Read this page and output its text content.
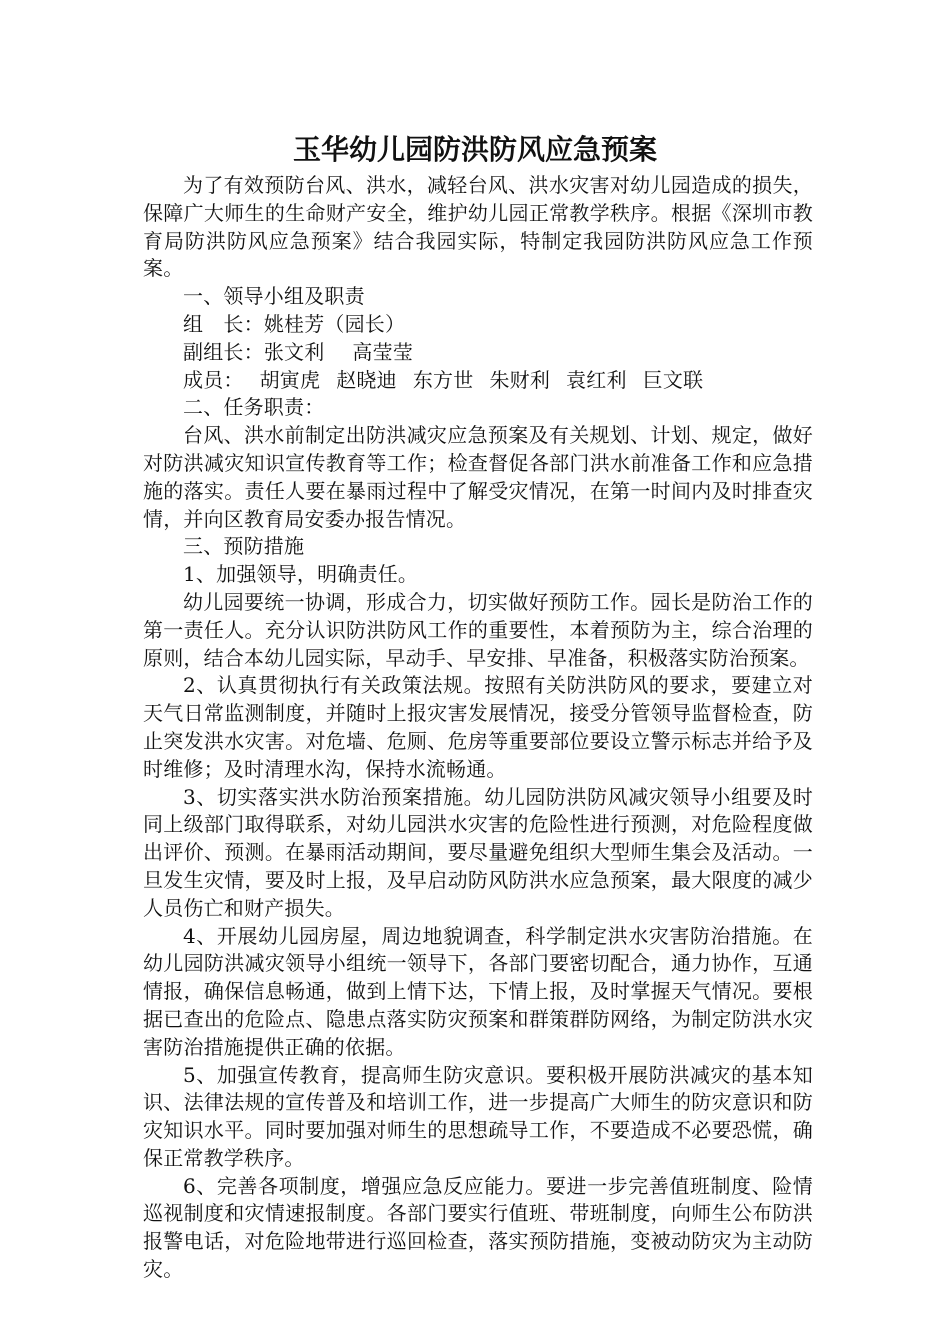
玉华幼儿园防洪防风应急预案

为了有效预防台风、洪水，减轻台风、洪水灾害对幼儿园造成的损失，保障广大师生的生命财产安全，维护幼儿园正常教学秩序。根据《深圳市教育局防洪防风应急预案》结合我园实际，特制定我园防洪防风应急工作预案。

一、领导小组及职责

组　长：姚桂芳（园长）

副组长：张文利 高莹莹

成员： 胡寅虎 赵晓迪 东方世 朱财利 袁红利 巨文联

二、任务职责：

台风、洪水前制定出防洪减灾应急预案及有关规划、计划、规定，做好对防洪减灾知识宣传教育等工作；检查督促各部门洪水前准备工作和应急措施的落实。责任人要在暴雨过程中了解受灾情况，在第一时间内及时排查灾情，并向区教育局安委办报告情况。

三、预防措施

1、加强领导，明确责任。

幼儿园要统一协调，形成合力，切实做好预防工作。园长是防治工作的第一责任人。充分认识防洪防风工作的重要性，本着预防为主，综合治理的原则，结合本幼儿园实际，早动手、早安排、早准备，积极落实防治预案。

2、认真贯彻执行有关政策法规。按照有关防洪防风的要求，要建立对天气日常监测制度，并随时上报灾害发展情况，接受分管领导监督检查，防止突发洪水灾害。对危墙、危厕、危房等重要部位要设立警示标志并给予及时维修；及时清理水沟，保持水流畅通。

3、切实落实洪水防治预案措施。幼儿园防洪防风减灾领导小组要及时同上级部门取得联系，对幼儿园洪水灾害的危险性进行预测，对危险程度做出评价、预测。在暴雨活动期间，要尽量避免组织大型师生集会及活动。一旦发生灾情，要及时上报，及早启动防风防洪水应急预案，最大限度的减少人员伤亡和财产损失。

4、开展幼儿园房屋，周边地貌调查，科学制定洪水灾害防治措施。在幼儿园防洪减灾领导小组统一领导下，各部门要密切配合，通力协作，互通情报，确保信息畅通，做到上情下达，下情上报，及时掌握天气情况。要根据已查出的危险点、隐患点落实防灾预案和群策群防网络，为制定防洪水灾害防治措施提供正确的依据。

5、加强宣传教育，提高师生防灾意识。要积极开展防洪减灾的基本知识、法律法规的宣传普及和培训工作，进一步提高广大师生的防灾意识和防灾知识水平。同时要加强对师生的思想疏导工作，不要造成不必要恐慌，确保正常教学秩序。

6、完善各项制度，增强应急反应能力。要进一步完善值班制度、险情巡视制度和灾情速报制度。各部门要实行值班、带班制度，向师生公布防洪报警电话，对危险地带进行巡回检查，落实预防措施，变被动防灾为主动防灾。
